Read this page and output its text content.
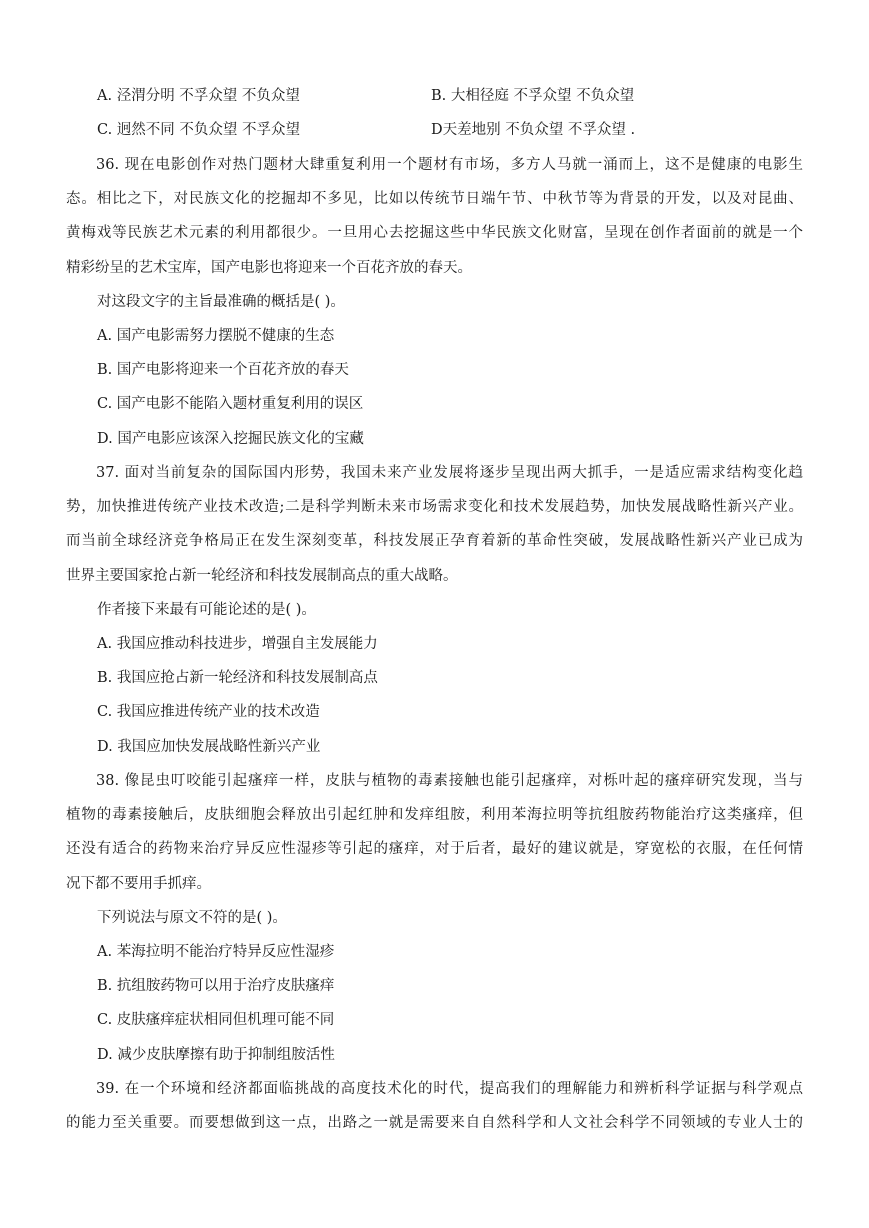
A. 泾渭分明 不孚众望 不负众望	B. 大相径庭 不孚众望 不负众望
C. 迥然不同 不负众望 不孚众望	D天差地别 不负众望 不孚众望 .
36. 现在电影创作对热门题材大肆重复利用一个题材有市场，多方人马就一涌而上，这不是健康的电影生
态。相比之下，对民族文化的挖掘却不多见，比如以传统节日端午节、中秋节等为背景的开发，以及对昆曲、
黄梅戏等民族艺术元素的利用都很少。一旦用心去挖掘这些中华民族文化财富，呈现在创作者面前的就是一个
精彩纷呈的艺术宝库，国产电影也将迎来一个百花齐放的春天。
对这段文字的主旨最准确的概括是( )。
A. 国产电影需努力摆脱不健康的生态
B. 国产电影将迎来一个百花齐放的春天
C. 国产电影不能陷入题材重复利用的误区
D. 国产电影应该深入挖掘民族文化的宝藏
37. 面对当前复杂的国际国内形势，我国未来产业发展将逐步呈现出两大抓手，一是适应需求结构变化趋
势，加快推进传统产业技术改造;二是科学判断未来市场需求变化和技术发展趋势，加快发展战略性新兴产业。
而当前全球经济竞争格局正在发生深刻变革，科技发展正孕育着新的革命性突破，发展战略性新兴产业已成为
世界主要国家抢占新一轮经济和科技发展制高点的重大战略。
作者接下来最有可能论述的是( )。
A. 我国应推动科技进步，增强自主发展能力
B. 我国应抢占新一轮经济和科技发展制高点
C. 我国应推进传统产业的技术改造
D. 我国应加快发展战略性新兴产业
38. 像昆虫叮咬能引起瘙痒一样，皮肤与植物的毒素接触也能引起瘙痒，对栎叶起的瘙痒研究发现，当与
植物的毒素接触后，皮肤细胞会释放出引起红肿和发痒组胺，利用苯海拉明等抗组胺药物能治疗这类瘙痒，但
还没有适合的药物来治疗异反应性湿疹等引起的瘙痒，对于后者，最好的建议就是，穿宽松的衣服，在任何情
况下都不要用手抓痒。
下列说法与原文不符的是( )。
A. 苯海拉明不能治疗特异反应性湿疹
B. 抗组胺药物可以用于治疗皮肤瘙痒
C. 皮肤瘙痒症状相同但机理可能不同
D. 减少皮肤摩擦有助于抑制组胺活性
39. 在一个环境和经济都面临挑战的高度技术化的时代，提高我们的理解能力和辨析科学证据与科学观点
的能力至关重要。而要想做到这一点，出路之一就是需要来自自然科学和人文社会科学不同领域的专业人士的
